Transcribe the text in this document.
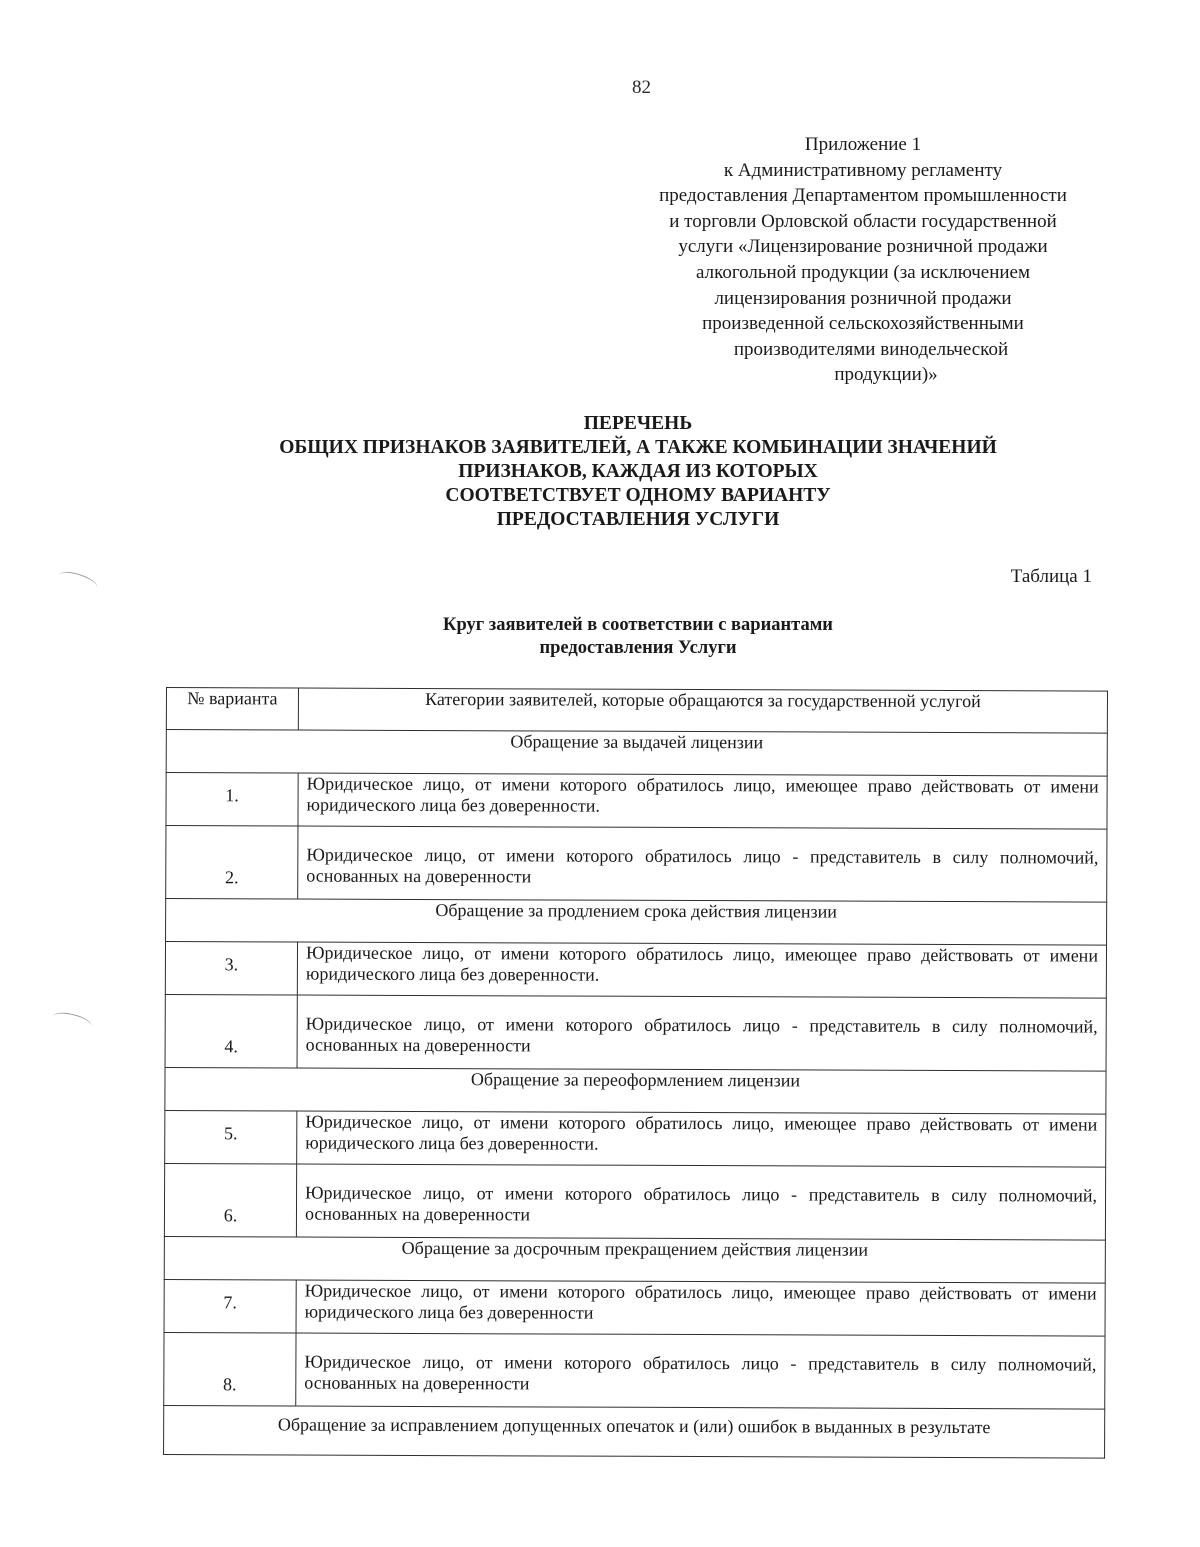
82
Приложение 1
к Административному регламенту
предоставления Департаментом промышленности
и торговли Орловской области государственной
услуги «Лицензирование розничной продажи
алкогольной продукции (за исключением
лицензирования розничной продажи
произведенной сельскохозяйственными
производителями винодельческой
продукции)»
ПЕРЕЧЕНЬ
ОБЩИХ ПРИЗНАКОВ ЗАЯВИТЕЛЕЙ, А ТАКЖЕ КОМБИНАЦИИ ЗНАЧЕНИЙ
ПРИЗНАКОВ, КАЖДАЯ ИЗ КОТОРЫХ
СООТВЕТСТВУЕТ ОДНОМУ ВАРИАНТУ
ПРЕДОСТАВЛЕНИЯ УСЛУГИ
Таблица 1
Круг заявителей в соответствии с вариантами
предоставления Услуги
№ варианта	Категории заявителей, которые обращаются за государственной услугой
Обращение за выдачей лицензии	
1.	Юридическое лицо, от имени которого обратилось лицо, имеющее право действовать от имени юридического лица без доверенности.
2.	Юридическое лицо, от имени которого обратилось лицо - представитель в силу полномочий, основанных на доверенности
Обращение за продлением срока действия лицензии	
3.	Юридическое лицо, от имени которого обратилось лицо, имеющее право действовать от имени юридического лица без доверенности.
4.	Юридическое лицо, от имени которого обратилось лицо - представитель в силу полномочий, основанных на доверенности
Обращение за переоформлением лицензии	
5.	Юридическое лицо, от имени которого обратилось лицо, имеющее право действовать от имени юридического лица без доверенности.
6.	Юридическое лицо, от имени которого обратилось лицо - представитель в силу полномочий, основанных на доверенности
Обращение за досрочным прекращением действия лицензии	
7.	Юридическое лицо, от имени которого обратилось лицо, имеющее право действовать от имени юридического лица без доверенности
8.	Юридическое лицо, от имени которого обратилось лицо - представитель в силу полномочий, основанных на доверенности
Обращение за исправлением допущенных опечаток и (или) ошибок в выданных в результате	
